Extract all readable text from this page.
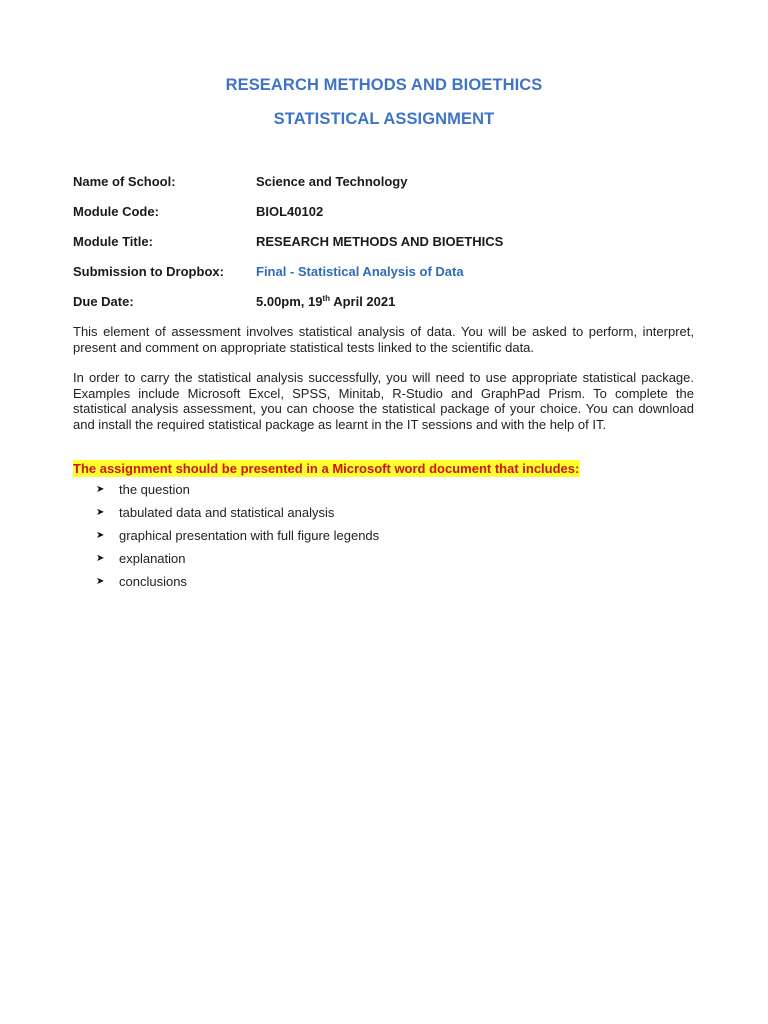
RESEARCH METHODS AND BIOETHICS
STATISTICAL ASSIGNMENT
Name of School:	Science and Technology
Module Code:	BIOL40102
Module Title:	RESEARCH METHODS AND BIOETHICS
Submission to Dropbox: Final - Statistical Analysis of Data
Due Date:	5.00pm, 19th April 2021
This element of assessment involves statistical analysis of data. You will be asked to perform, interpret, present and comment on appropriate statistical tests linked to the scientific data.
In order to carry the statistical analysis successfully, you will need to use appropriate statistical package. Examples include Microsoft Excel, SPSS, Minitab, R-Studio and GraphPad Prism. To complete the statistical analysis assessment, you can choose the statistical package of your choice. You can download and install the required statistical package as learnt in the IT sessions and with the help of IT.
The assignment should be presented in a Microsoft word document that includes:
➤ the question
➤ tabulated data and statistical analysis
➤ graphical presentation with full figure legends
➤ explanation
➤ conclusions
